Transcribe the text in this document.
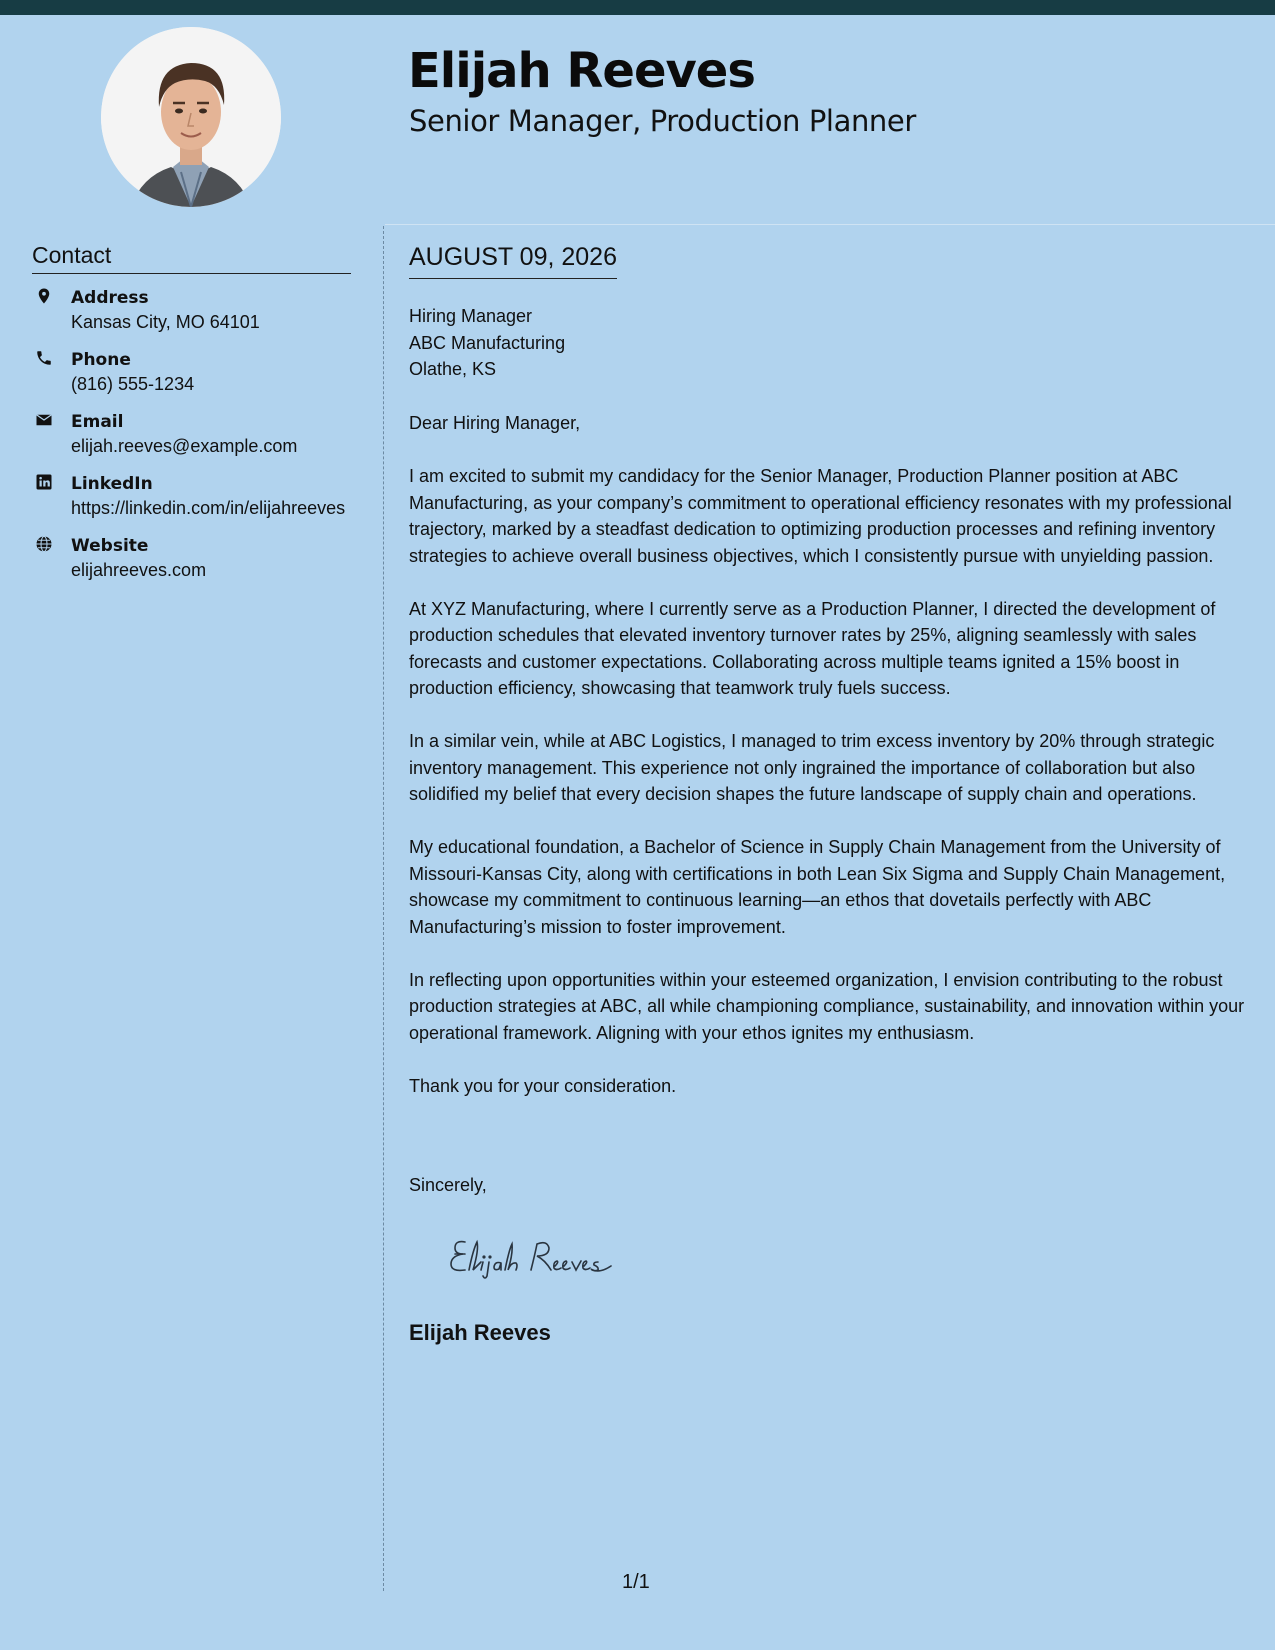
Elijah Reeves
Senior Manager, Production Planner
Contact
Address
Kansas City, MO 64101
Phone
(816) 555-1234
Email
elijah.reeves@example.com
LinkedIn
https://linkedin.com/in/elijahreeves
Website
elijahreeves.com
AUGUST 09, 2026
Hiring Manager
ABC Manufacturing
Olathe, KS

Dear Hiring Manager,

I am excited to submit my candidacy for the Senior Manager, Production Planner position at ABC Manufacturing, as your company’s commitment to operational efficiency resonates with my professional trajectory, marked by a steadfast dedication to optimizing production processes and refining inventory strategies to achieve overall business objectives, which I consistently pursue with unyielding passion.

At XYZ Manufacturing, where I currently serve as a Production Planner, I directed the development of production schedules that elevated inventory turnover rates by 25%, aligning seamlessly with sales forecasts and customer expectations. Collaborating across multiple teams ignited a 15% boost in production efficiency, showcasing that teamwork truly fuels success.

In a similar vein, while at ABC Logistics, I managed to trim excess inventory by 20% through strategic inventory management. This experience not only ingrained the importance of collaboration but also solidified my belief that every decision shapes the future landscape of supply chain and operations.

My educational foundation, a Bachelor of Science in Supply Chain Management from the University of Missouri-Kansas City, along with certifications in both Lean Six Sigma and Supply Chain Management, showcase my commitment to continuous learning—an ethos that dovetails perfectly with ABC Manufacturing’s mission to foster improvement.

In reflecting upon opportunities within your esteemed organization, I envision contributing to the robust production strategies at ABC, all while championing compliance, sustainability, and innovation within your operational framework. Aligning with your ethos ignites my enthusiasm.

Thank you for your consideration.

Sincerely,
Elijah Reeves
1/1
